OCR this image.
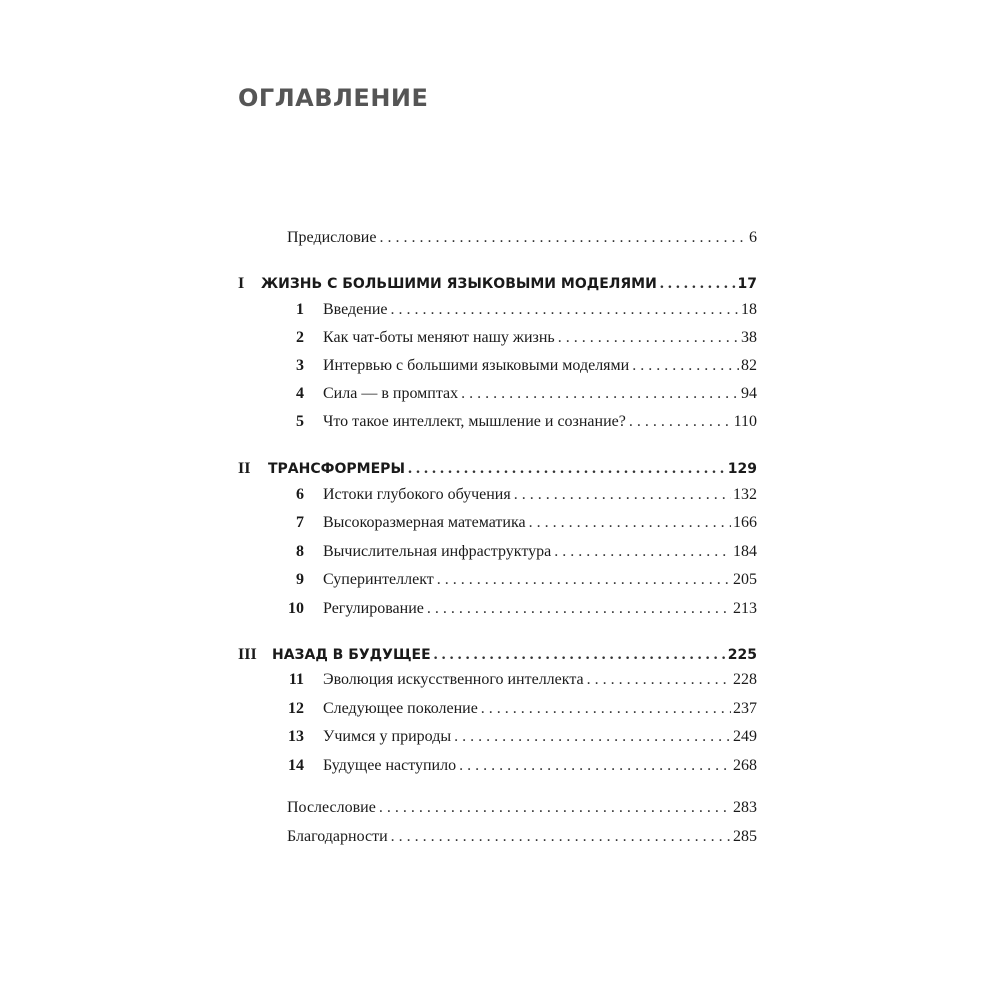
ОГЛАВЛЕНИЕ
Предисловие . . .	6
I ЖИЗНЬ С БОЛЬШИМИ ЯЗЫКОВЫМИ МОДЕЛЯМИ . . .	17
1 Введение . . .	18
2 Как чат-боты меняют нашу жизнь . . .	38
3 Интервью с большими языковыми моделями . . .	82
4 Сила — в промптах . . .	94
5 Что такое интеллект, мышление и сознание? . . .	110
II ТРАНСФОРМЕРЫ . . .	129
6 Истоки глубокого обучения . . .	132
7 Высокоразмерная математика . . .	166
8 Вычислительная инфраструктура . . .	184
9 Суперинтеллект . . .	205
10 Регулирование . . .	213
III НАЗАД В БУДУЩЕЕ . . .	225
11 Эволюция искусственного интеллекта . . .	228
12 Следующее поколение . . .	237
13 Учимся у природы . . .	249
14 Будущее наступило . . .	268
Послесловие . . .	283
Благодарности . . .	285
